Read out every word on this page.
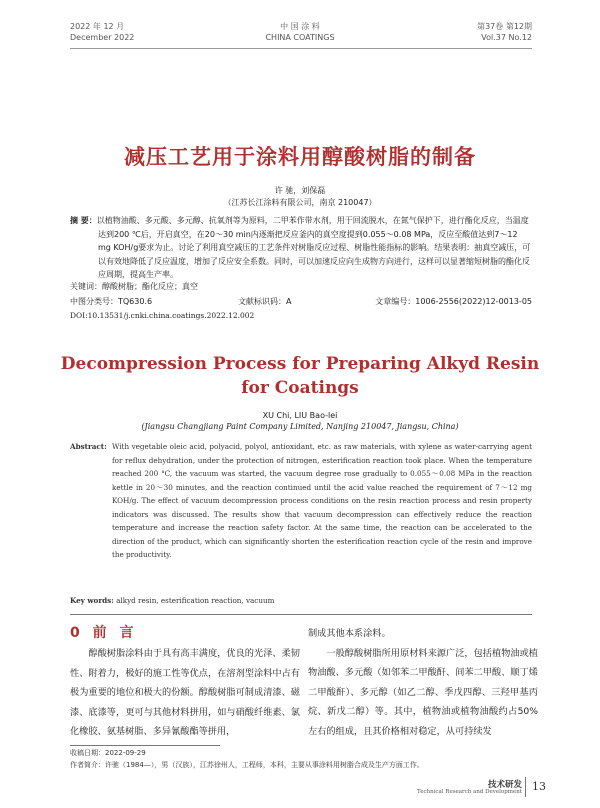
2022 年 12 月
December 2022
中 国 涂 料
CHINA COATINGS
第37卷 第12期
Vol.37 No.12
减压工艺用于涂料用醇酸树脂的制备
许 驰，刘保磊
（江苏长江涂料有限公司，南京 210047）
摘 要：以植物油酸、多元酸、多元醇、抗氧剂等为原料，二甲苯作带水剂，用于回流脱水，在氮气保护下，进行酯化反应，当温度达到200 ℃后，开启真空，在20～30 min内逐渐把反应釜内的真空度提到0.055～0.08 MPa，反应至酸值达到7～12 mg KOH/g要求为止。讨论了利用真空减压的工艺条件对树脂反应过程、树脂性能指标的影响。结果表明：抽真空减压，可以有效地降低了反应温度，增加了反应安全系数。同时，可以加速反应向生成物方向进行，这样可以显著缩短树脂的酯化反应周期，提高生产率。
关键词：醇酸树脂；酯化反应；真空
中图分类号：TQ630.6	文献标识码：A	文章编号：1006-2556(2022)12-0013-05
DOI:10.13531/j.cnki.china.coatings.2022.12.002
Decompression Process for Preparing Alkyd Resin for Coatings
XU Chi, LIU Bao-lei
(Jiangsu Changjiang Paint Company Limited, Nanjing 210047, Jiangsu, China)
Abstract: With vegetable oleic acid, polyacid, polyol, antioxidant, etc. as raw materials, with xylene as water-carrying agent for reflux dehydration, under the protection of nitrogen, esterification reaction took place. When the temperature reached 200 °C, the vacuum was started, the vacuum degree rose gradually to 0.055～0.08 MPa in the reaction kettle in 20～30 minutes, and the reaction continued until the acid value reached the requirement of 7～12 mg KOH/g. The effect of vacuum decompression process conditions on the resin reaction process and resin property indicators was discussed. The results show that vacuum decompression can effectively reduce the reaction temperature and increase the reaction safety factor. At the same time, the reaction can be accelerated to the direction of the product, which can significantly shorten the esterification reaction cycle of the resin and improve the productivity.
Key words: alkyd resin, esterification reaction, vacuum
0 前 言

醇酸树脂涂料由于具有高丰满度，优良的光泽、柔韧性、附着力，极好的施工性等优点，在溶剂型涂料中占有极为重要的地位和极大的份额。醇酸树脂可制成清漆、磁漆、底漆等，更可与其他材料拼用，如与硝酸纤维素、氯化橡胶、氨基树脂、多异氰酸酯等拼用，

制成其他本系涂料。

一般醇酸树脂所用原材料来源广泛，包括植物油或植物油酸、多元酸（如邻苯二甲酸酐、间苯二甲酸、顺丁烯二甲酸酐）、多元醇（如乙二醇、季戊四醇、三羟甲基丙烷、新戊二醇）等。其中，植物油或植物油酸约占50%左右的组成，且其价格相对稳定，从可持续发

收稿日期：2022-09-29
作者简介：许驰（1984—），男（汉族），江苏徐州人，工程师，本科，主要从事涂料用树脂合成及生产方面工作。
技术研发
Technical Research and Development 13
